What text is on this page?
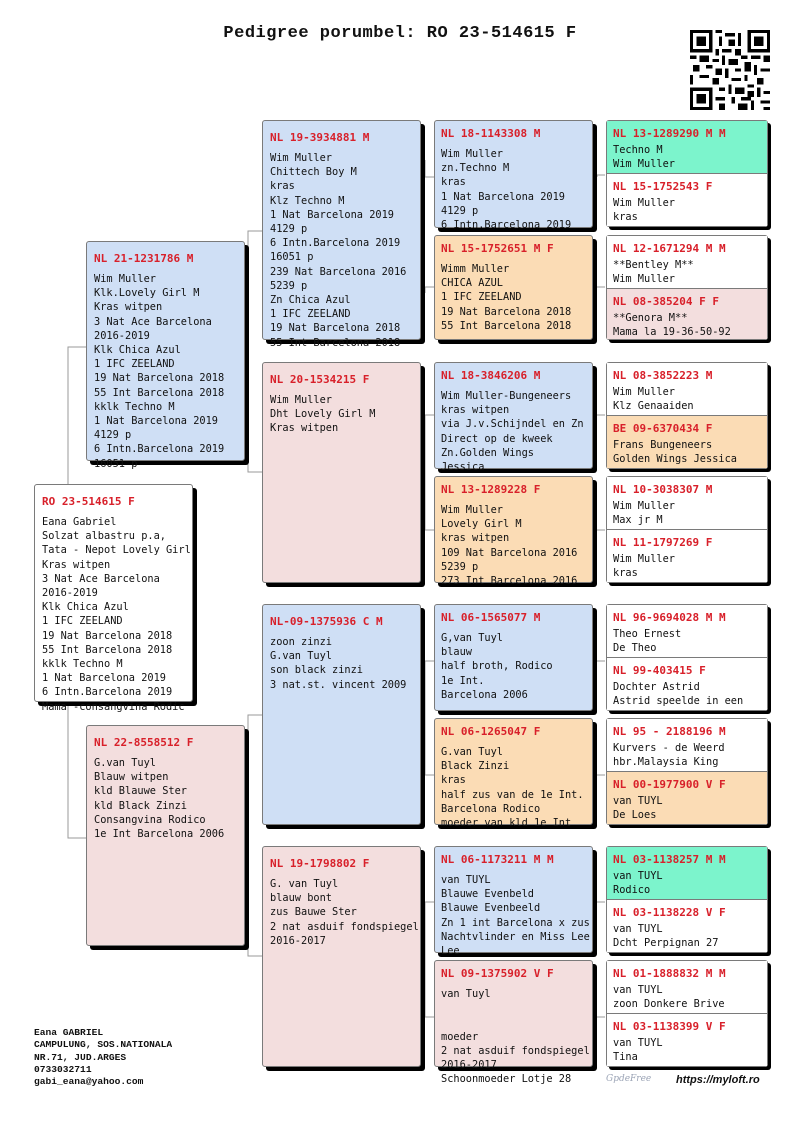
Pedigree porumbel: RO 23-514615 F
RO 23-514615 F
Eana Gabriel
Solzat albastru p.a,
Tata - Nepot Lovely Girl
Kras witpen
3 Nat Ace Barcelona
2016-2019
Klk Chica Azul
1 IFC ZEELAND
19 Nat Barcelona 2018
55 Int Barcelona 2018
kklk Techno M
1 Nat Barcelona 2019
6 Intn.Barcelona 2019
Mama -consangvina Rodic
NL 21-1231786 M
Wim Muller
Klk.Lovely Girl M
Kras witpen
3 Nat Ace Barcelona
2016-2019
Klk Chica Azul
1 IFC ZEELAND
19 Nat Barcelona 2018
55 Int Barcelona 2018
kklk Techno M
1 Nat Barcelona 2019
4129 p
6 Intn.Barcelona 2019
16051 p
NL 22-8558512 F
G.van Tuyl
Blauw witpen
kld Blauwe Ster
kld Black Zinzi
Consangvina Rodico
1e Int Barcelona 2006
NL 19-3934881 M
Wim Muller
Chittech Boy M
kras
Klz Techno M
1 Nat Barcelona 2019
4129 p
6 Intn.Barcelona 2019
16051 p
239 Nat Barcelona 2016
5239 p
Zn Chica Azul
1 IFC ZEELAND
19 Nat Barcelona 2018
55 Int Barcelona 2018
NL 20-1534215 F
Wim Muller
Dht Lovely Girl M
Kras witpen
NL-09-1375936 C M
zoon zinzi
G.van Tuyl
son black zinzi
3 nat.st. vincent 2009
NL 19-1798802 F
G. van Tuyl
blauw bont
zus Bauwe Ster
2 nat asduif fondspiegel
2016-2017
NL 18-1143308 M
Wim Muller
zn.Techno M
kras
1 Nat Barcelona 2019
4129 p
6 Intn.Barcelona 2019
NL 15-1752651 M F
Wimm Muller
CHICA AZUL
1 IFC ZEELAND
19 Nat Barcelona 2018
55 Int Barcelona 2018
NL 18-3846206 M
Wim Muller-Bungeneers
kras witpen
via J.v.Schijndel en Zn
Direct op de kweek
Zn.Golden Wings
Jessica
NL 13-1289228 F
Wim Muller
Lovely Girl M
kras witpen
109 Nat Barcelona 2016
5239 p
273 Int Barcelona 2016
NL 06-1565077 M
G,van Tuyl
blauw
half broth, Rodico
1e Int.
Barcelona 2006
NL 06-1265047 F
G.van Tuyl
Black Zinzi
kras
half zus van de 1e Int.
Barcelona Rodico
moeder van kld 1e Int
NL 06-1173211 M M
van TUYL
Blauwe Evenbeld
Blauwe Evenbeeld
Zn 1 int Barcelona x zus
Nachtvlinder en Miss Lee
Lee
NL 09-1375902 V F
van Tuyl

moeder
2 nat asduif fondspiegel
2016-2017
Schoonmoeder Lotje 28
NL 13-1289290 M M
Techno M
Wim Muller
NL 15-1752543 F
Wim Muller
kras
NL 12-1671294 M M
**Bentley M**
Wim Muller
NL 08-385204 F F
**Genora M**
Mama la 19-36-50-92
NL 08-3852223 M
Wim Muller
Klz Genaaiden
BE 09-6370434 F
Frans Bungeneers
Golden Wings Jessica
NL 10-3038307 M
Wim Muller
Max jr M
NL 11-1797269 F
Wim Muller
kras
NL 96-9694028 M M
Theo Ernest
De Theo
NL 99-403415 F
Dochter Astrid
Astrid speelde in een
NL 95 - 2188196 M
Kurvers - de Weerd
hbr.Malaysia King
NL 00-1977900 V F
van TUYL
De Loes
NL 03-1138257 M M
van TUYL
Rodico
NL 03-1138228 V F
van TUYL
Dcht Perpignan 27
NL 01-1888832 M M
van TUYL
zoon Donkere Brive
NL 03-1138399 V F
van TUYL
Tina
Eana GABRIEL
CAMPULUNG, SOS.NATIONALA
NR.71, JUD.ARGES
0733032711
gabi_eana@yahoo.com	GpdeFree https://myloft.ro
